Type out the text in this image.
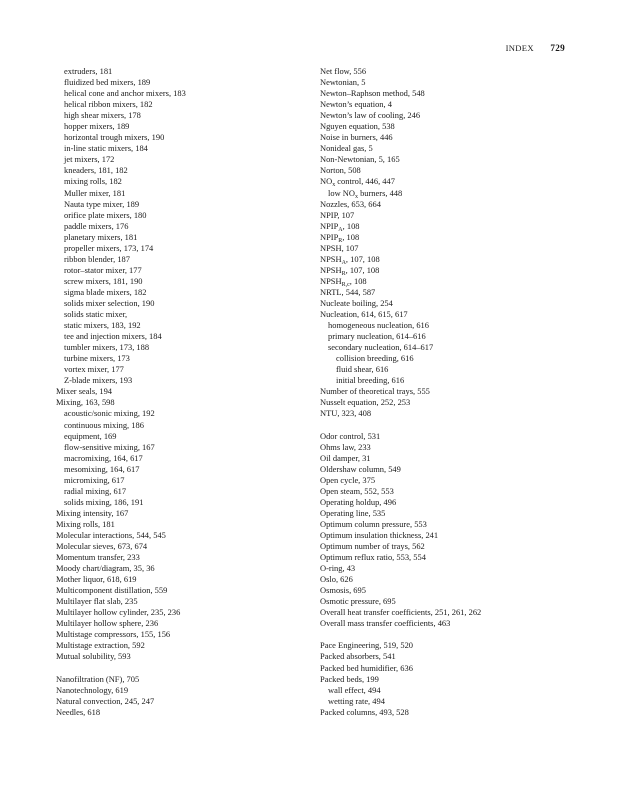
INDEX 729
extruders, 181
fluidized bed mixers, 189
helical cone and anchor mixers, 183
helical ribbon mixers, 182
high shear mixers, 178
hopper mixers, 189
horizontal trough mixers, 190
in-line static mixers, 184
jet mixers, 172
kneaders, 181, 182
mixing rolls, 182
Muller mixer, 181
Nauta type mixer, 189
orifice plate mixers, 180
paddle mixers, 176
planetary mixers, 181
propeller mixers, 173, 174
ribbon blender, 187
rotor–stator mixer, 177
screw mixers, 181, 190
sigma blade mixers, 182
solids mixer selection, 190
solids static mixer,
static mixers, 183, 192
tee and injection mixers, 184
tumbler mixers, 173, 188
turbine mixers, 173
vortex mixer, 177
Z-blade mixers, 193
Mixer seals, 194
Mixing, 163, 598
acoustic/sonic mixing, 192
continuous mixing, 186
equipment, 169
flow-sensitive mixing, 167
macromixing, 164, 617
mesomixing, 164, 617
micromixing, 617
radial mixing, 617
solids mixing, 186, 191
Mixing intensity, 167
Mixing rolls, 181
Molecular interactions, 544, 545
Molecular sieves, 673, 674
Momentum transfer, 233
Moody chart/diagram, 35, 36
Mother liquor, 618, 619
Multicomponent distillation, 559
Multilayer flat slab, 235
Multilayer hollow cylinder, 235, 236
Multilayer hollow sphere, 236
Multistage compressors, 155, 156
Multistage extraction, 592
Mutual solubility, 593
Nanofiltration (NF), 705
Nanotechnology, 619
Natural convection, 245, 247
Needles, 618
Net flow, 556
Newtonian, 5
Newton–Raphson method, 548
Newton’s equation, 4
Newton’s law of cooling, 246
Nguyen equation, 538
Noise in burners, 446
Nonideal gas, 5
Non-Newtonian, 5, 165
Norton, 508
$NO_x$ control, 446, 447
low $NO_x$ burners, 448
Nozzles, 653, 664
NPIP, 107
$NPIP_A$, 108
$NPIP_R$, 108
NPSH, 107
$NPSH_A$, 107, 108
$NPSH_R$, 107, 108
$NPSH_{R,c}$, 108
NRTL, 544, 587
Nucleate boiling, 254
Nucleation, 614, 615, 617
homogeneous nucleation, 616
primary nucleation, 614–616
secondary nucleation, 614–617
collision breeding, 616
fluid shear, 616
initial breeding, 616
Number of theoretical trays, 555
Nusselt equation, 252, 253
NTU, 323, 408
Odor control, 531
Ohms law, 233
Oil damper, 31
Oldershaw column, 549
Open cycle, 375
Open steam, 552, 553
Operating holdup, 496
Operating line, 535
Optimum column pressure, 553
Optimum insulation thickness, 241
Optimum number of trays, 562
Optimum reflux ratio, 553, 554
O-ring, 43
Oslo, 626
Osmosis, 695
Osmotic pressure, 695
Overall heat transfer coefficients, 251, 261, 262
Overall mass transfer coefficients, 463
Pace Engineering, 519, 520
Packed absorbers, 541
Packed bed humidifier, 636
Packed beds, 199
wall effect, 494
wetting rate, 494
Packed columns, 493, 528
